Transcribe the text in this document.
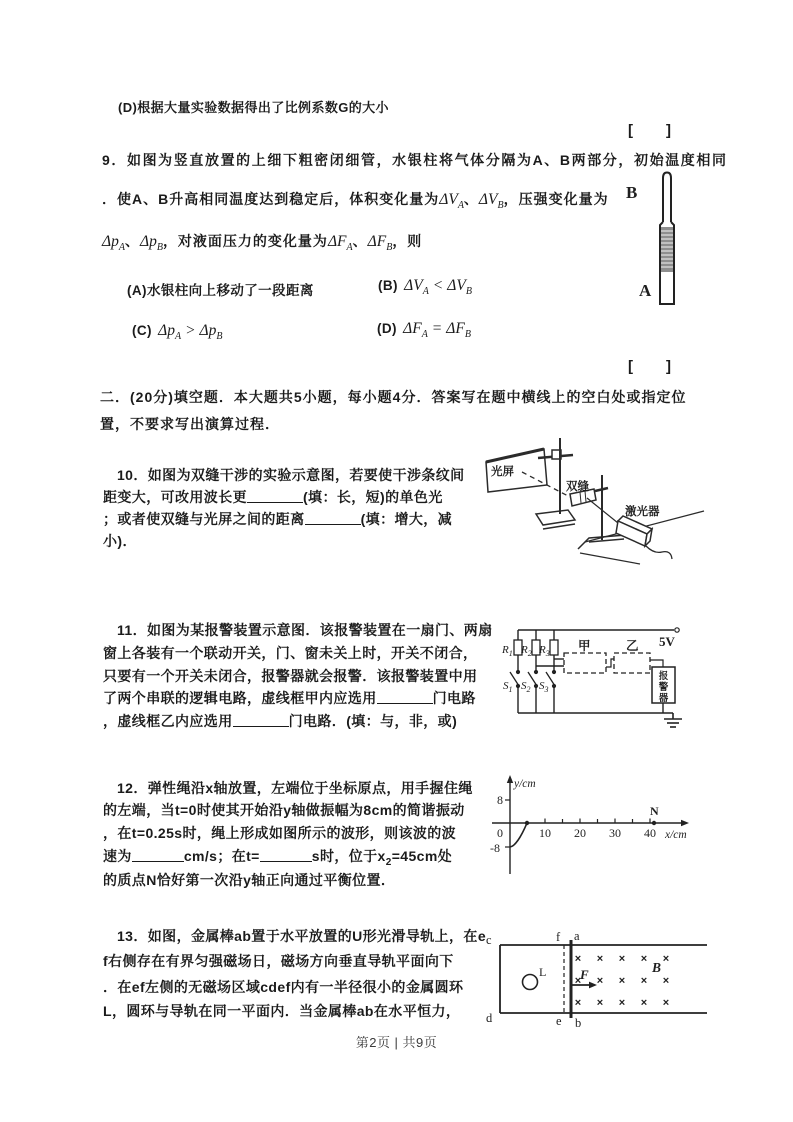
(D)根据大量实验数据得出了比例系数G的大小
[　　]
9．如图为竖直放置的上细下粗密闭细管，水银柱将气体分隔为A、B两部分，初始温度相同
．使A、B升高相同温度达到稳定后，体积变化量为$\Delta V_A$、$\Delta V_B$，压强变化量为
$\Delta p_A$、$\Delta p_B$，对液面压力的变化量为$\Delta F_A$、$\Delta F_B$，则
(A)水银柱向上移动了一段距离	(B) $\Delta V_A < \Delta V_B$
(C) $\Delta p_A > \Delta p_B$
(D) $\Delta F_A = \Delta F_B$
[　　]
B
A
二．(20分)填空题．本大题共5小题，每小题4分．答案写在题中横线上的空白处或指定位
置，不要求写出演算过程．
10．如图为双缝干涉的实验示意图，若要使干涉条纹间
距变大，可改用波长更	(填：长，短)的单色光
；或者使双缝与光屏之间的距离	(填：增大，减
小)．
光屏
双缝
激光器
11．如图为某报警装置示意图．该报警装置在一扇门、两扇
窗上各装有一个联动开关，门、窗未关上时，开关不闭合，
只要有一个开关未闭合，报警器就会报警．该报警装置中用
了两个串联的逻辑电路，虚线框甲内应选用	门电路
，虚线框乙内应选用	门电路．(填：与，非，或)
$R_1$ $R_2$ $R_3$
$S_1$ $S_2$ $S_3$
甲	乙 5V
报
警
器
12．弹性绳沿x轴放置，左端位于坐标原点，用手握住绳
的左端，当t=0时使其开始沿y轴做振幅为8cm的简谐振动
，在t=0.25s时，绳上形成如图所示的波形，则该波的波
速为	cm/s；在t=	s时，位于$x_2=45cm$处
的质点N恰好第一次沿y轴正向通过平衡位置．
y/cm
x/cm
8
-8
0	10 20 30 40
N
13．如图，金属棒ab置于水平放置的U形光滑导轨上，在e
f右侧存在有界匀强磁场日，磁场方向垂直导轨平面向下
．在ef左侧的无磁场区域cdef内有一半径很小的金属圆环
L，圆环与导轨在同一平面内．当金属棒ab在水平恒力，
× × × × ×
× × × × ×
× × × × ×
c
d
f
e
a
b
L	F	B
第2页 | 共9页
